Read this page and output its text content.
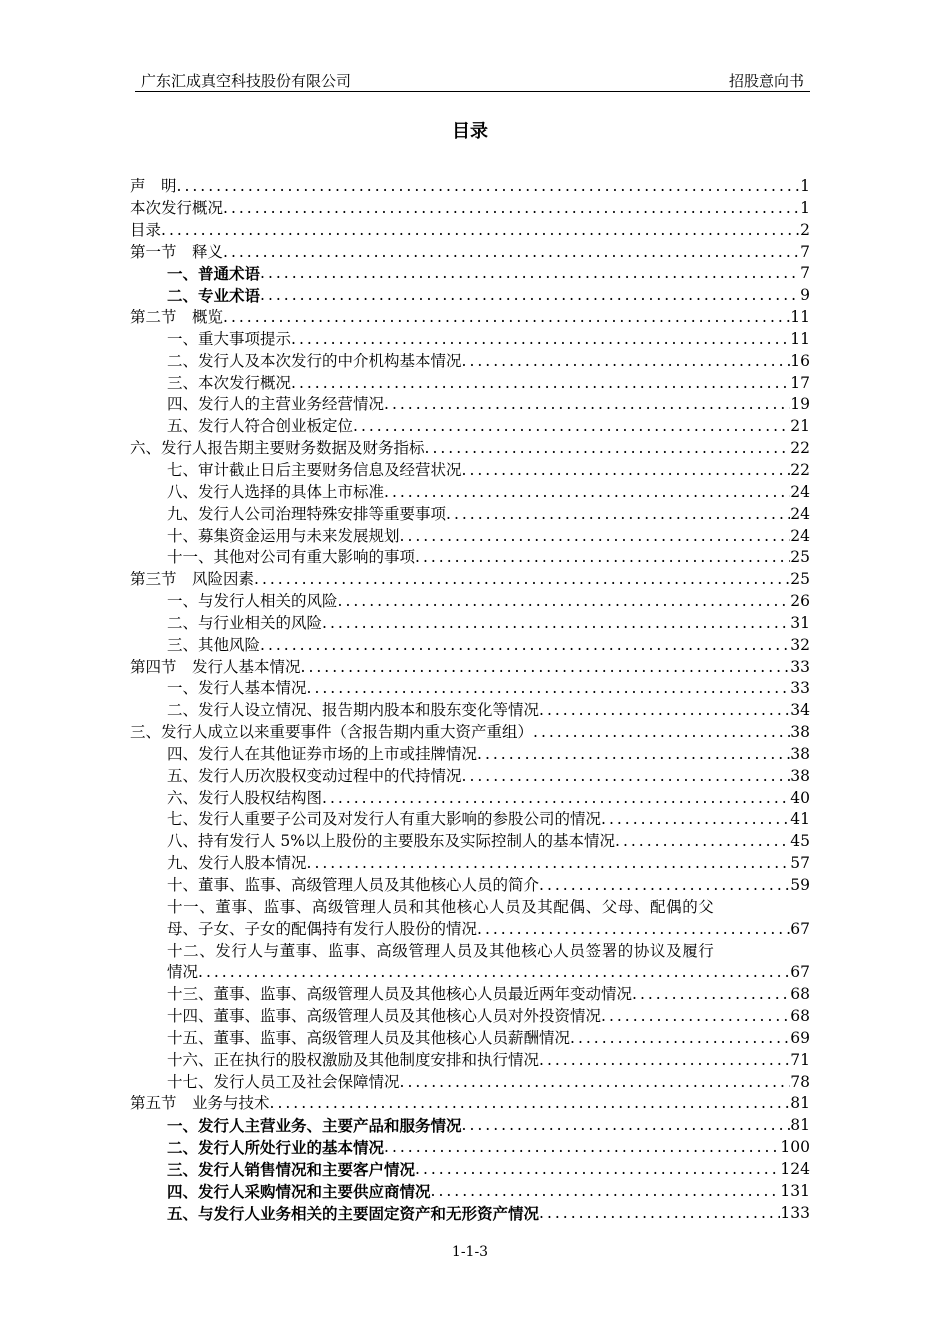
广东汇成真空科技股份有限公司	招股意向书
目录
声　明 .....	1
本次发行概况 .....	1
目录 .....	2
第一节　释义 .....	7
一、普通术语 .....	7
二、专业术语 .....	9
第二节　概览 .....	11
一、重大事项提示 .....	11
二、发行人及本次发行的中介机构基本情况 .....	16
三、本次发行概况 .....	17
四、发行人的主营业务经营情况 .....	19
五、发行人符合创业板定位 .....	21
六、发行人报告期主要财务数据及财务指标 .....	22
七、审计截止日后主要财务信息及经营状况 .....	22
八、发行人选择的具体上市标准 .....	24
九、发行人公司治理特殊安排等重要事项 .....	24
十、募集资金运用与未来发展规划 .....	24
十一、其他对公司有重大影响的事项 .....	25
第三节　风险因素 .....	25
一、与发行人相关的风险 .....	26
二、与行业相关的风险 .....	31
三、其他风险 .....	32
第四节　发行人基本情况 .....	33
一、发行人基本情况 .....	33
二、发行人设立情况、报告期内股本和股东变化等情况 .....	34
三、发行人成立以来重要事件（含报告期内重大资产重组） .....	38
四、发行人在其他证券市场的上市或挂牌情况 .....	38
五、发行人历次股权变动过程中的代持情况 .....	38
六、发行人股权结构图 .....	40
七、发行人重要子公司及对发行人有重大影响的参股公司的情况 .....	41
八、持有发行人 5%以上股份的主要股东及实际控制人的基本情况 .....	45
九、发行人股本情况 .....	57
十、董事、监事、高级管理人员及其他核心人员的简介 .....	59
十一、董事、监事、高级管理人员和其他核心人员及其配偶、父母、配偶的父
母、子女、子女的配偶持有发行人股份的情况 .....	67
十二、发行人与董事、监事、高级管理人员及其他核心人员签署的协议及履行
情况 .....	67
十三、董事、监事、高级管理人员及其他核心人员最近两年变动情况 .....	68
十四、董事、监事、高级管理人员及其他核心人员对外投资情况 .....	68
十五、董事、监事、高级管理人员及其他核心人员薪酬情况 .....	69
十六、正在执行的股权激励及其他制度安排和执行情况 .....	71
十七、发行人员工及社会保障情况 .....	78
第五节　业务与技术 .....	81
一、发行人主营业务、主要产品和服务情况 .....	81
二、发行人所处行业的基本情况 .....	100
三、发行人销售情况和主要客户情况 .....	124
四、发行人采购情况和主要供应商情况 .....	131
五、与发行人业务相关的主要固定资产和无形资产情况 .....	133
1-1-3
